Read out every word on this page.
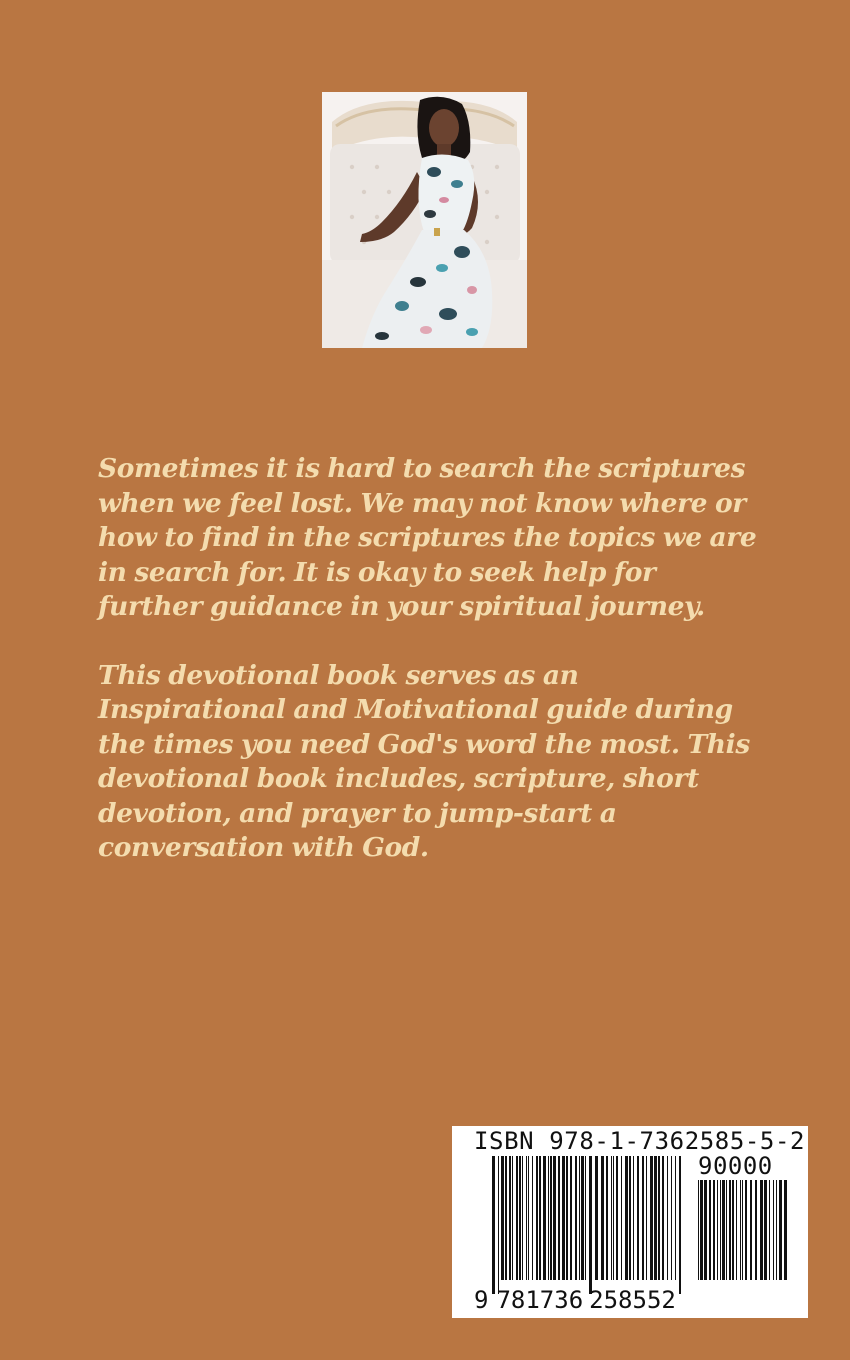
Sometimes it is hard to search the scriptures when we feel lost. We may not know where or how to find in the scriptures the topics we are in search for. It is okay to seek help for further guidance in your spiritual journey.

This devotional book serves as an Inspirational and Motivational guide during the times you need God's word the most. This devotional book includes, scripture, short devotion, and prayer to jump-start a conversation with God.

ISBN 978-1-7362585-5-2
90000
9 781736 258552
